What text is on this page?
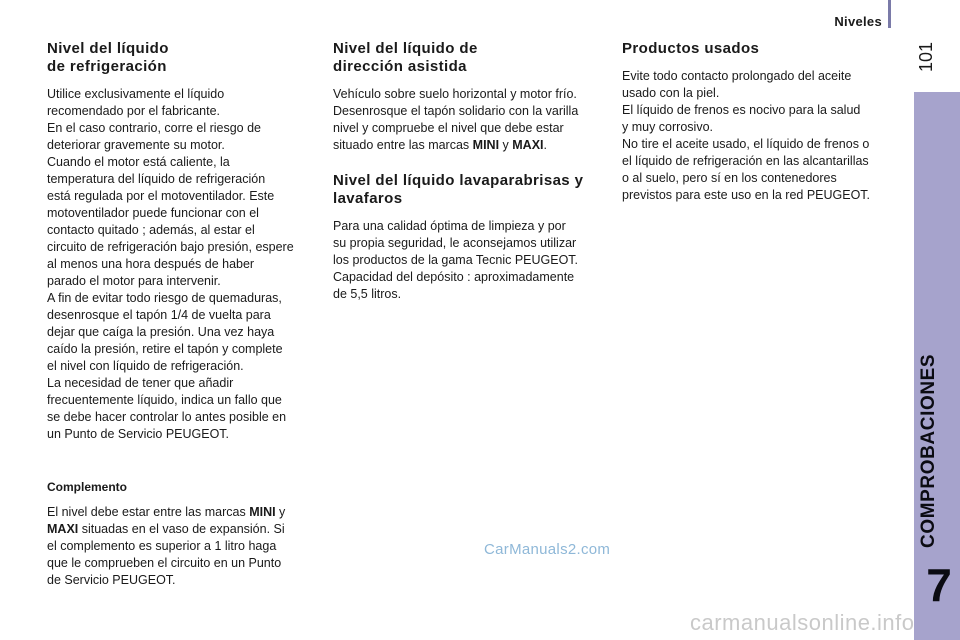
Niveles
101
COMPROBACIONES
7
Nivel del líquido
de refrigeración

Utilice exclusivamente el líquido
recomendado por el fabricante.
En el caso contrario, corre el riesgo de
deteriorar gravemente su motor.
Cuando el motor está caliente, la
temperatura del líquido de refrigeración
está regulada por el motoventilador. Este
motoventilador puede funcionar con el
contacto quitado ; además, al estar el
circuito de refrigeración bajo presión, espere
al menos una hora después de haber
parado el motor para intervenir.
A fin de evitar todo riesgo de quemaduras,
desenrosque el tapón 1/4 de vuelta para
dejar que caíga la presión. Una vez haya
caído la presión, retire el tapón y complete
el nivel con líquido de refrigeración.
La necesidad de tener que añadir
frecuentemente líquido, indica un fallo que
se debe hacer controlar lo antes posible en
un Punto de Servicio PEUGEOT.

Complemento

El nivel debe estar entre las marcas MINI y
MAXI situadas en el vaso de expansión. Si
el complemento es superior a 1 litro haga
que le comprueben el circuito en un Punto
de Servicio PEUGEOT.

Nivel del líquido de
dirección asistida

Vehículo sobre suelo horizontal y motor frío.
Desenrosque el tapón solidario con la varilla
nivel y compruebe el nivel que debe estar
situado entre las marcas MINI y MAXI.

Nivel del líquido lavaparabrisas y
lavafaros

Para una calidad óptima de limpieza y por
su propia seguridad, le aconsejamos utilizar
los productos de la gama Tecnic PEUGEOT.
Capacidad del depósito : aproximadamente
de 5,5 litros.

Productos usados

Evite todo contacto prolongado del aceite
usado con la piel.
El líquido de frenos es nocivo para la salud
y muy corrosivo.
No tire el aceite usado, el líquido de frenos o
el líquido de refrigeración en las alcantarillas
o al suelo, pero sí en los contenedores
previstos para este uso en la red PEUGEOT.

CarManuals2.com
carmanualsonline.info
